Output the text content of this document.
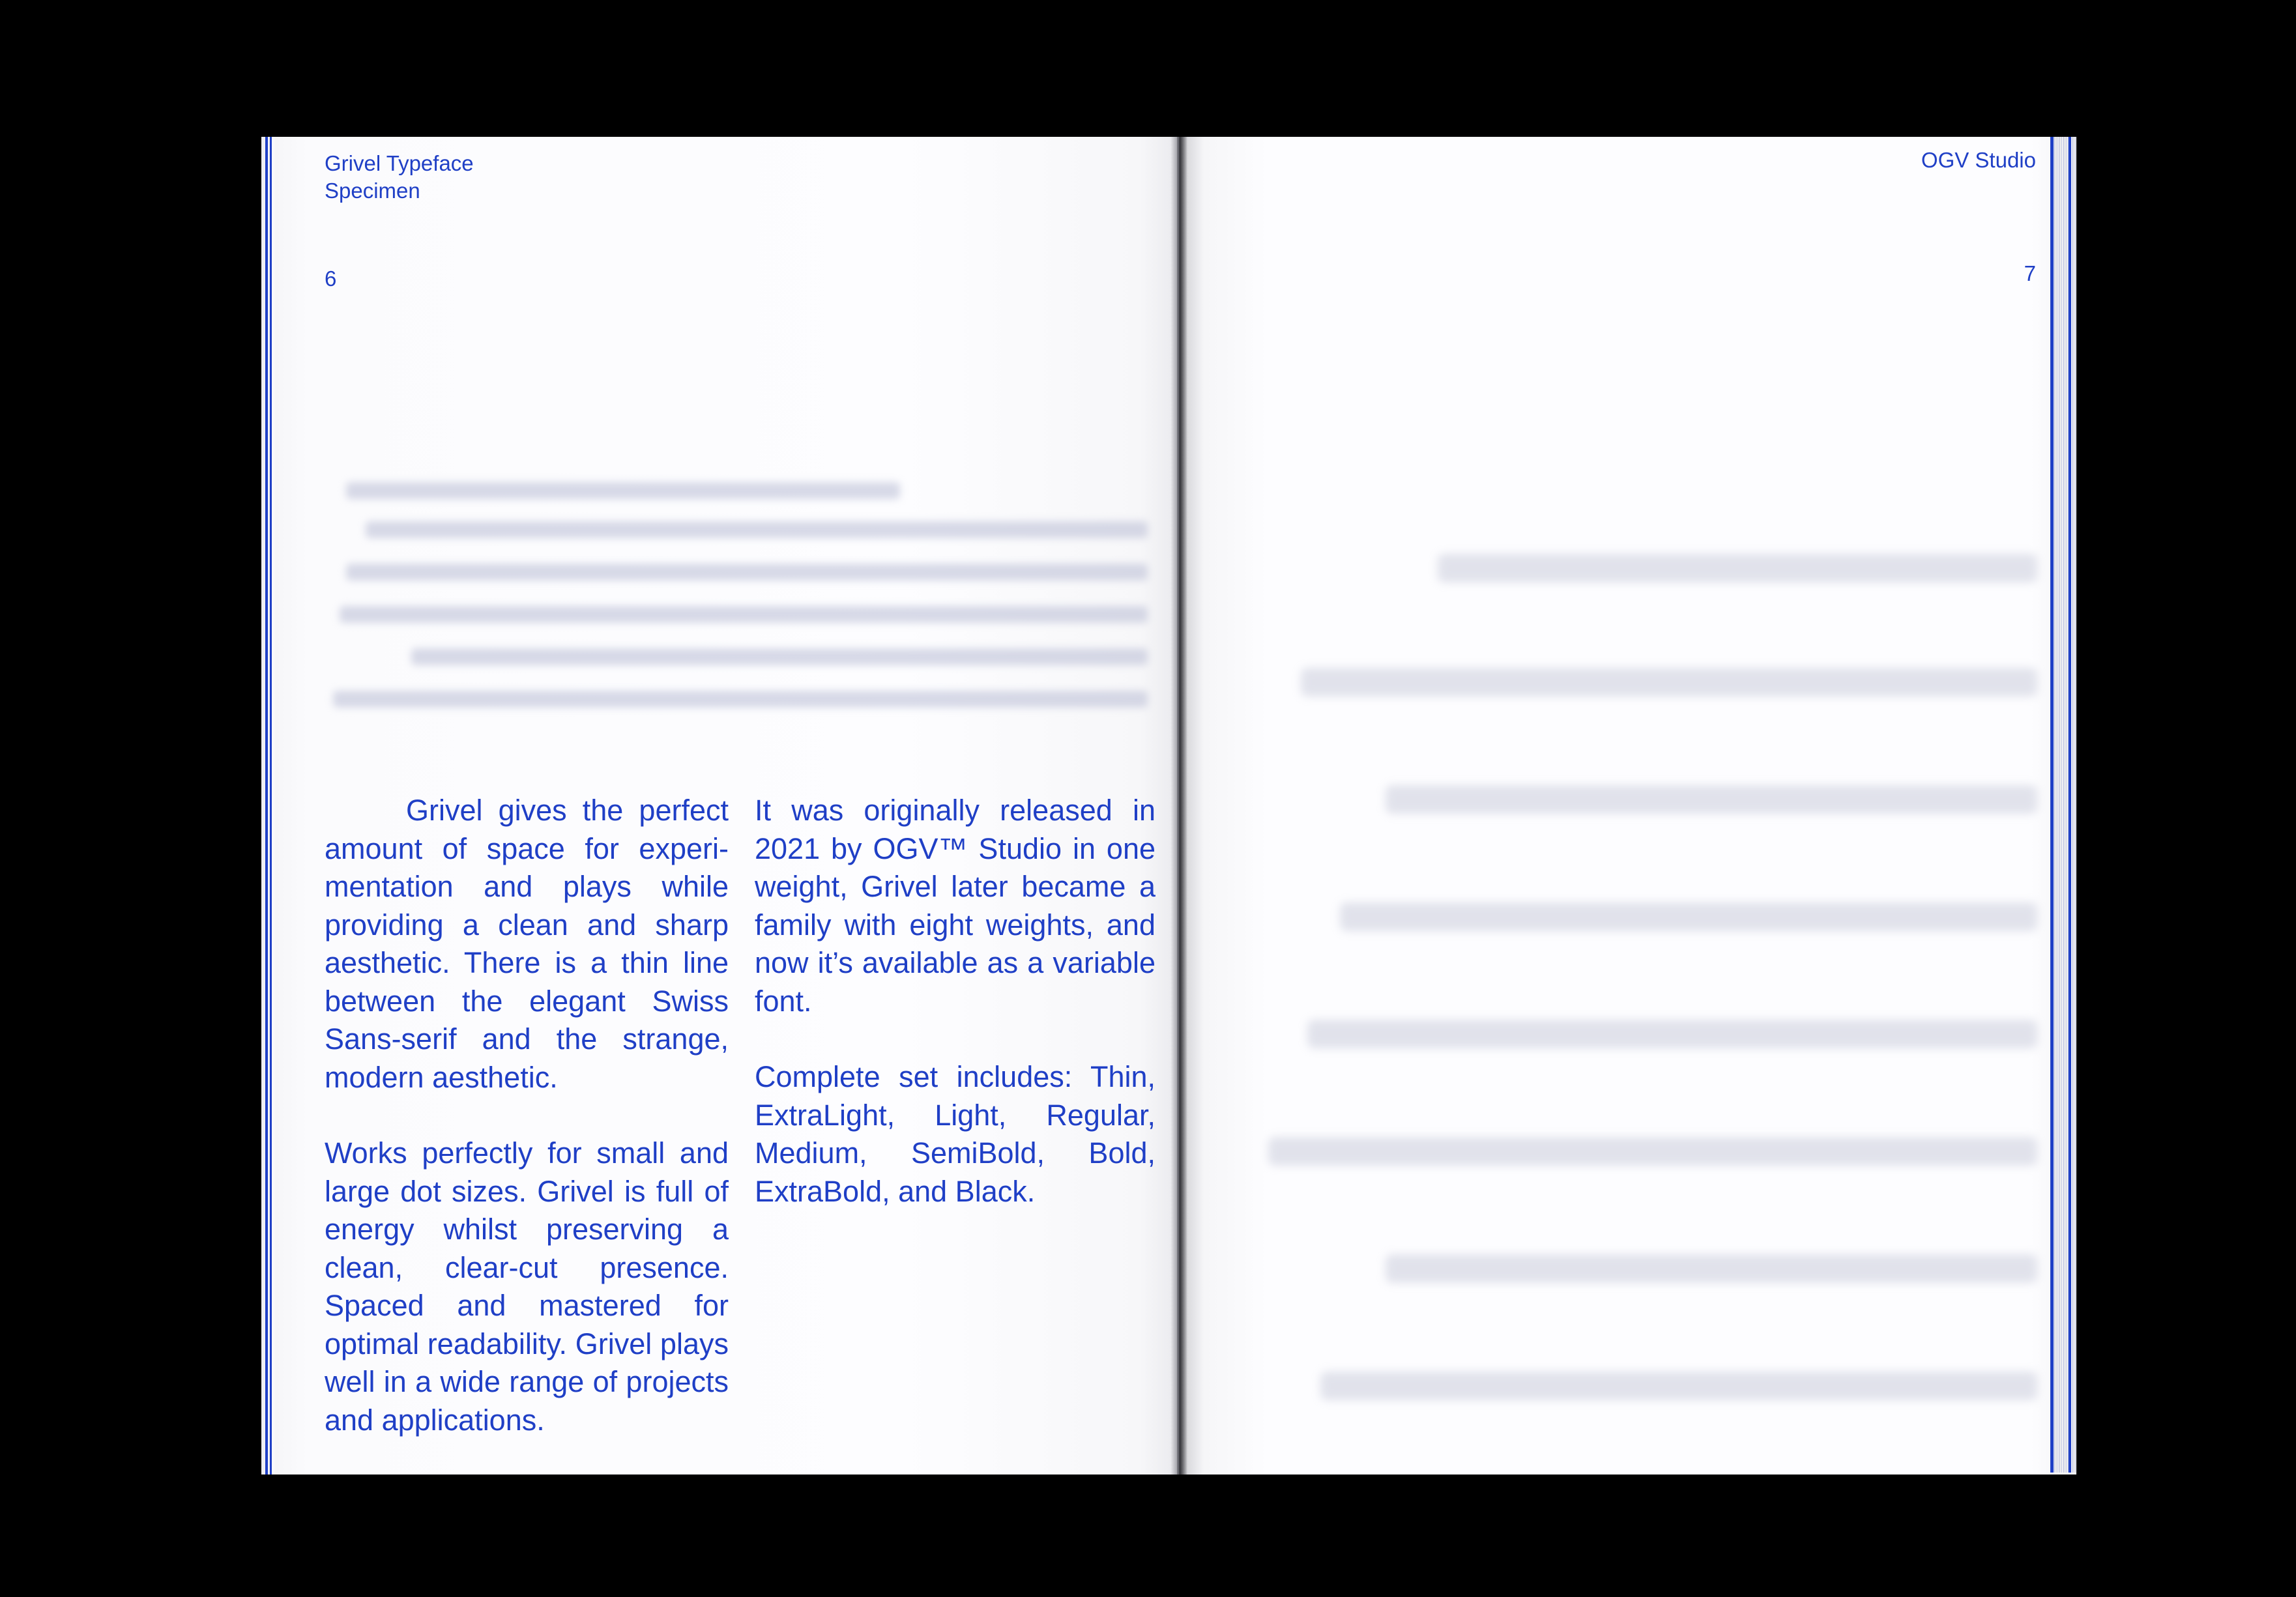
Grivel Typeface
Specimen
6

Grivel gives the perfect amount of space for experimentation and plays while providing a clean and sharp aesthetic. There is a thin line between the elegant Swiss Sans-serif and the strange, modern aesthetic.

Works perfectly for small and large dot sizes. Grivel is full of energy whilst preserving a clean, clear-cut presence. Spaced and mastered for optimal readability. Grivel plays well in a wide range of projects and applications.

It was originally released in 2021 by OGV™ Studio in one weight, Grivel later became a family with eight weights, and now it’s available as a variable font.

Complete set includes: Thin, ExtraLight, Light, Regular, Medium, SemiBold, Bold, ExtraBold, and Black.

OGV Studio
7
